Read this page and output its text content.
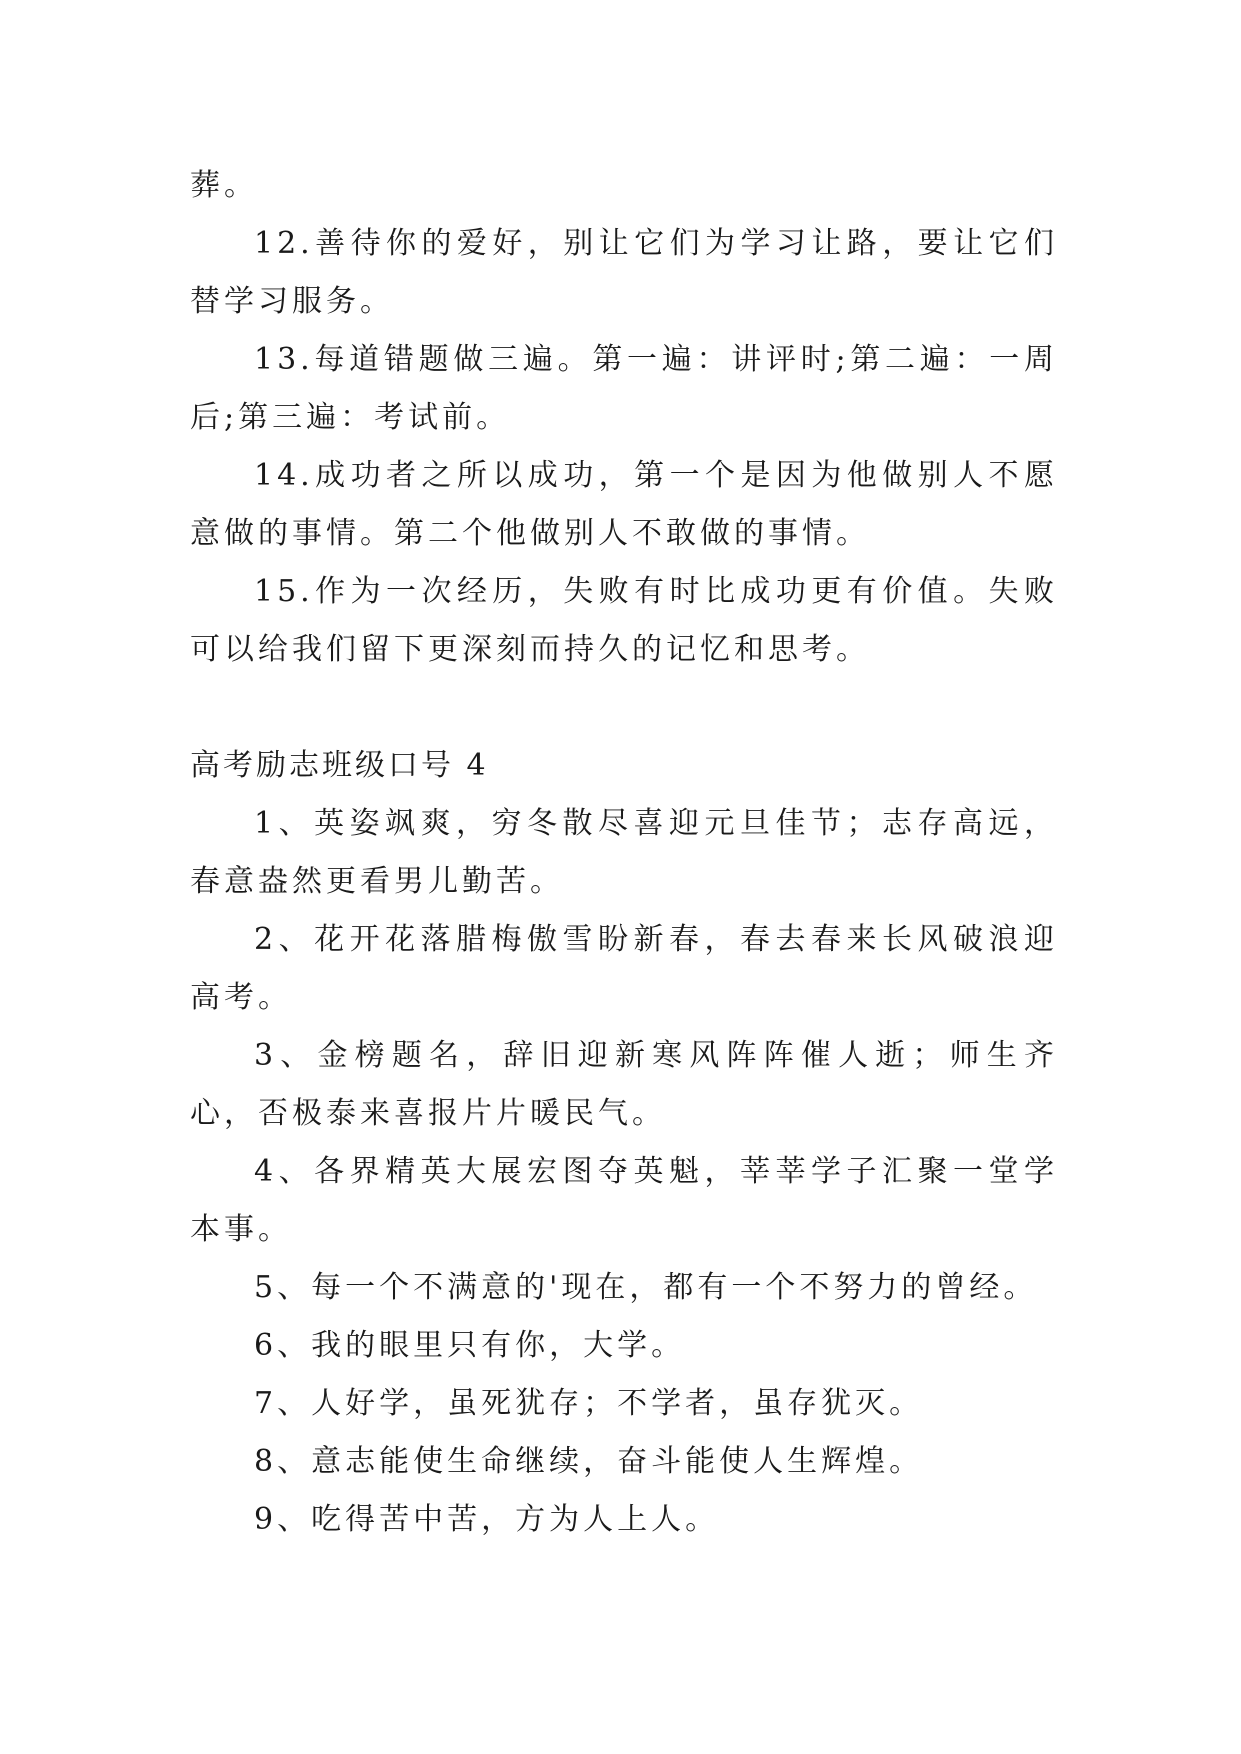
葬。

12.善待你的爱好，别让它们为学习让路，要让它们替学习服务。

13.每道错题做三遍。第一遍：讲评时;第二遍：一周后;第三遍：考试前。

14.成功者之所以成功，第一个是因为他做别人不愿意做的事情。第二个他做别人不敢做的事情。

15.作为一次经历，失败有时比成功更有价值。失败可以给我们留下更深刻而持久的记忆和思考。

高考励志班级口号 4

1、英姿飒爽，穷冬散尽喜迎元旦佳节；志存高远，春意盎然更看男儿勤苦。

2、花开花落腊梅傲雪盼新春，春去春来长风破浪迎高考。

3、金榜题名，辞旧迎新寒风阵阵催人逝；师生齐心，否极泰来喜报片片暖民气。

4、各界精英大展宏图夺英魁，莘莘学子汇聚一堂学本事。

5、每一个不满意的'现在，都有一个不努力的曾经。

6、我的眼里只有你，大学。

7、人好学，虽死犹存；不学者，虽存犹灭。

8、意志能使生命继续，奋斗能使人生辉煌。

9、吃得苦中苦，方为人上人。
